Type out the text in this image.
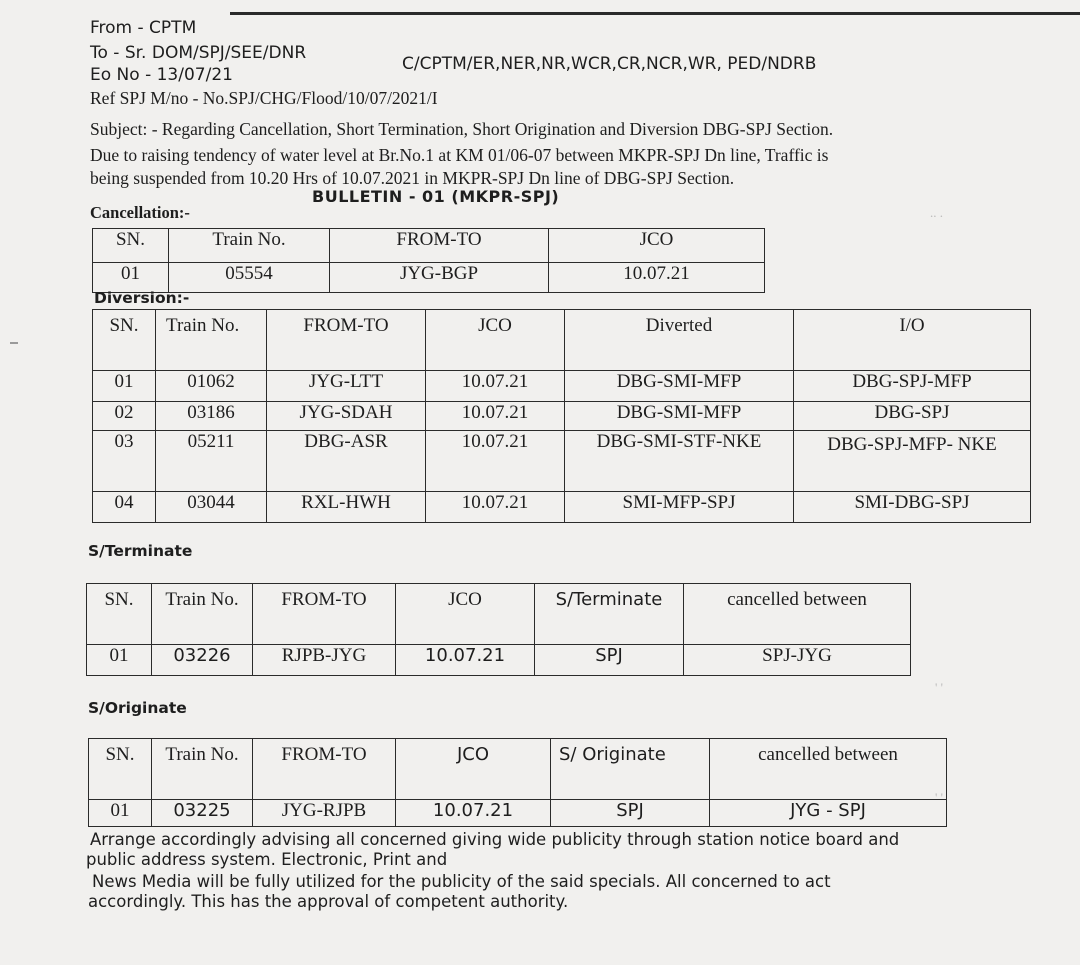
From - CPTM
To - Sr. DOM/SPJ/SEE/DNR
C/CPTM/ER,NER,NR,WCR,CR,NCR,WR, PED/NDRB
Eo No - 13/07/21
Ref SPJ M/no - No.SPJ/CHG/Flood/10/07/2021/I
Subject: - Regarding Cancellation, Short Termination, Short Origination and Diversion DBG-SPJ Section.
Due to raising tendency of water level at Br.No.1 at KM 01/06-07 between MKPR-SPJ Dn line, Traffic is
being suspended from 10.20 Hrs of 10.07.2021 in MKPR-SPJ Dn line of DBG-SPJ Section.
BULLETIN - 01 (MKPR-SPJ)
Cancellation:-
SN.	Train No.	FROM-TO	JCO
01	05554	JYG-BGP	10.07.21
Diversion:-
SN.	Train No.	FROM-TO	JCO	Diverted	I/O
01	01062	JYG-LTT	10.07.21	DBG-SMI-MFP	DBG-SPJ-MFP
02	03186	JYG-SDAH	10.07.21	DBG-SMI-MFP	DBG-SPJ
03	05211	DBG-ASR	10.07.21	DBG-SMI-STF-NKE	DBG-SPJ-MFP- NKE
04	03044	RXL-HWH	10.07.21	SMI-MFP-SPJ	SMI-DBG-SPJ
S/Terminate
SN.	Train No.	FROM-TO	JCO	S/Terminate	cancelled between
01	03226	RJPB-JYG	10.07.21	SPJ	SPJ-JYG
S/Originate
SN.	Train No.	FROM-TO	JCO	S/ Originate	cancelled between
01	03225	JYG-RJPB	10.07.21	SPJ	JYG - SPJ
Arrange accordingly advising all concerned giving wide publicity through station notice board and
public address system. Electronic, Print and
News Media will be fully utilized for the publicity of the said specials. All concerned to act
accordingly. This has the approval of competent authority.
.. .
' '
' '
